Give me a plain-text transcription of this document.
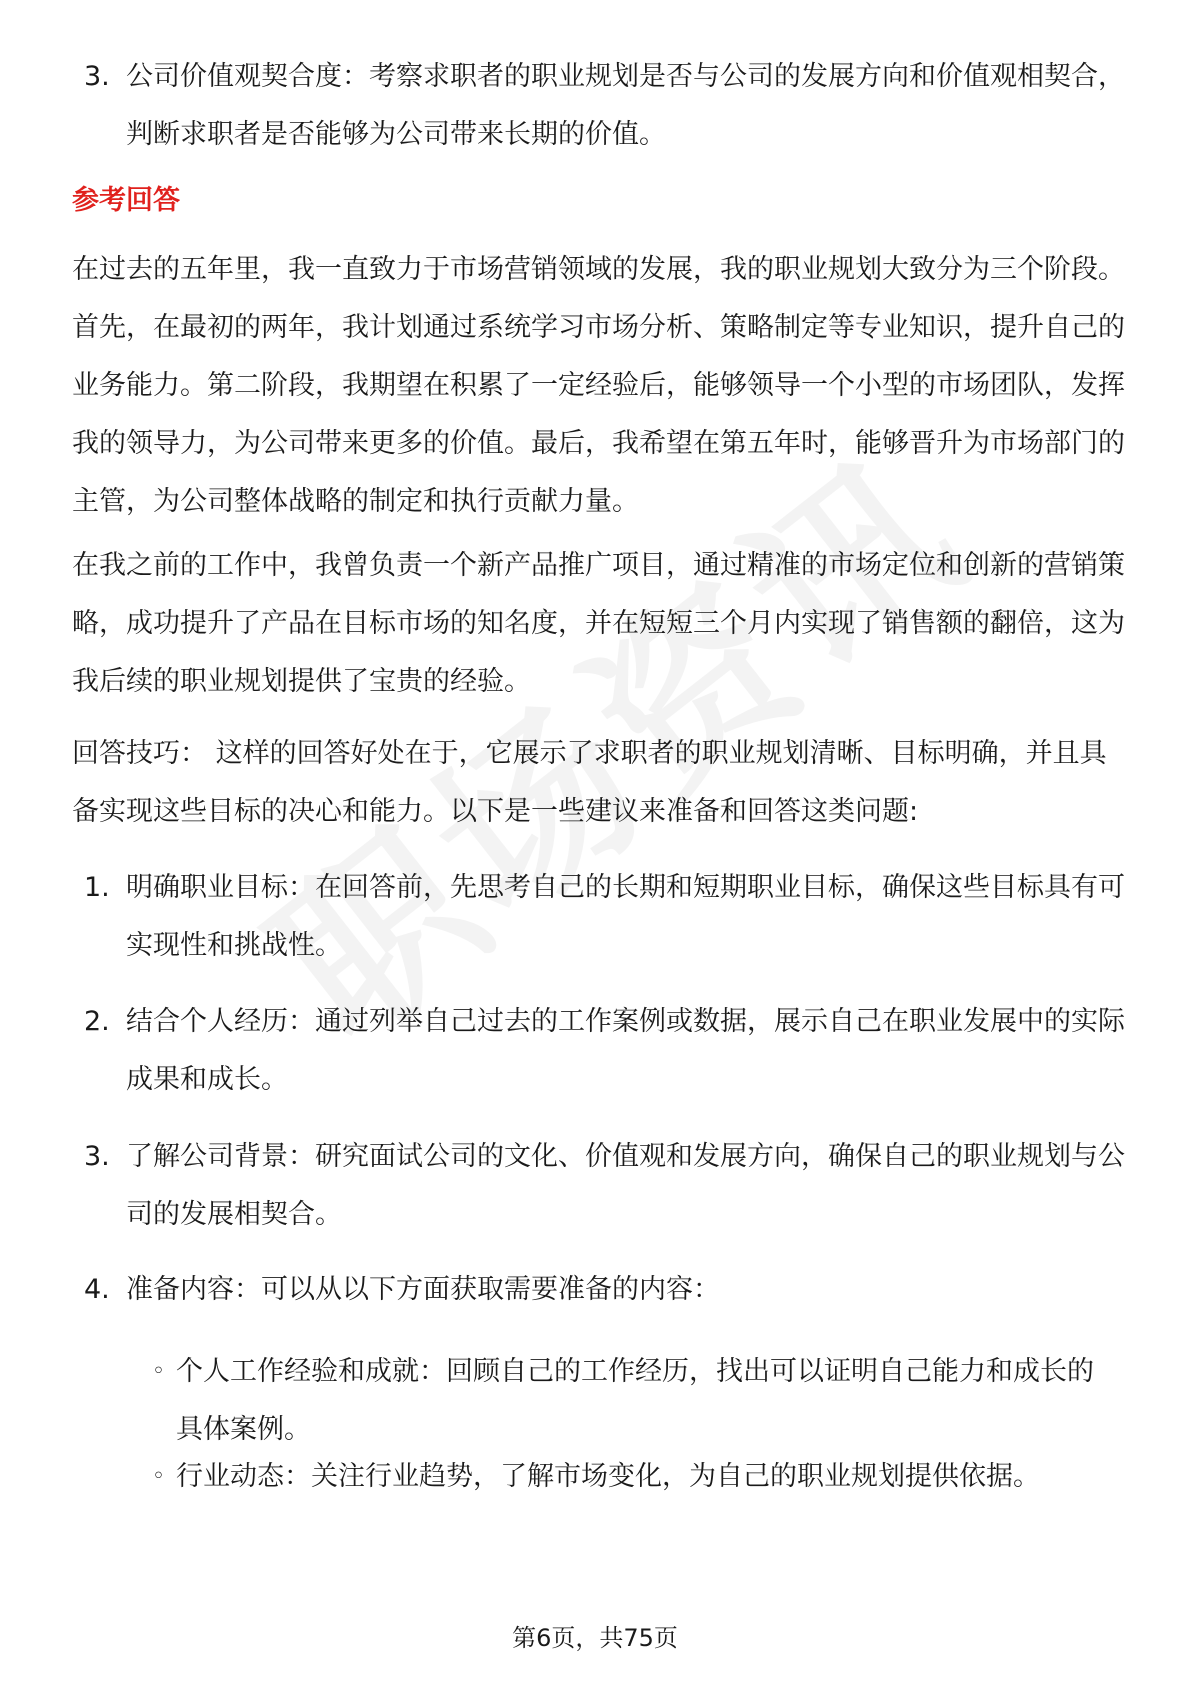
3. 公司价值观契合度：考察求职者的职业规划是否与公司的发展方向和价值观相契合，判断求职者是否能够为公司带来长期的价值。

参考回答

在过去的五年里，我一直致力于市场营销领域的发展，我的职业规划大致分为三个阶段。首先，在最初的两年，我计划通过系统学习市场分析、策略制定等专业知识，提升自己的业务能力。第二阶段，我期望在积累了一定经验后，能够领导一个小型的市场团队，发挥我的领导力，为公司带来更多的价值。最后，我希望在第五年时，能够晋升为市场部门的主管，为公司整体战略的制定和执行贡献力量。

在我之前的工作中，我曾负责一个新产品推广项目，通过精准的市场定位和创新的营销策略，成功提升了产品在目标市场的知名度，并在短短三个月内实现了销售额的翻倍，这为我后续的职业规划提供了宝贵的经验。

回答技巧： 这样的回答好处在于，它展示了求职者的职业规划清晰、目标明确，并且具备实现这些目标的决心和能力。以下是一些建议来准备和回答这类问题:

1. 明确职业目标：在回答前，先思考自己的长期和短期职业目标，确保这些目标具有可实现性和挑战性。
2. 结合个人经历：通过列举自己过去的工作案例或数据，展示自己在职业发展中的实际成果和成长。
3. 了解公司背景：研究面试公司的文化、价值观和发展方向，确保自己的职业规划与公司的发展相契合。
4. 准备内容：可以从以下方面获取需要准备的内容：
◦ 个人工作经验和成就：回顾自己的工作经历，找出可以证明自己能力和成长的具体案例。
◦ 行业动态：关注行业趋势，了解市场变化，为自己的职业规划提供依据。
第6页，共75页
